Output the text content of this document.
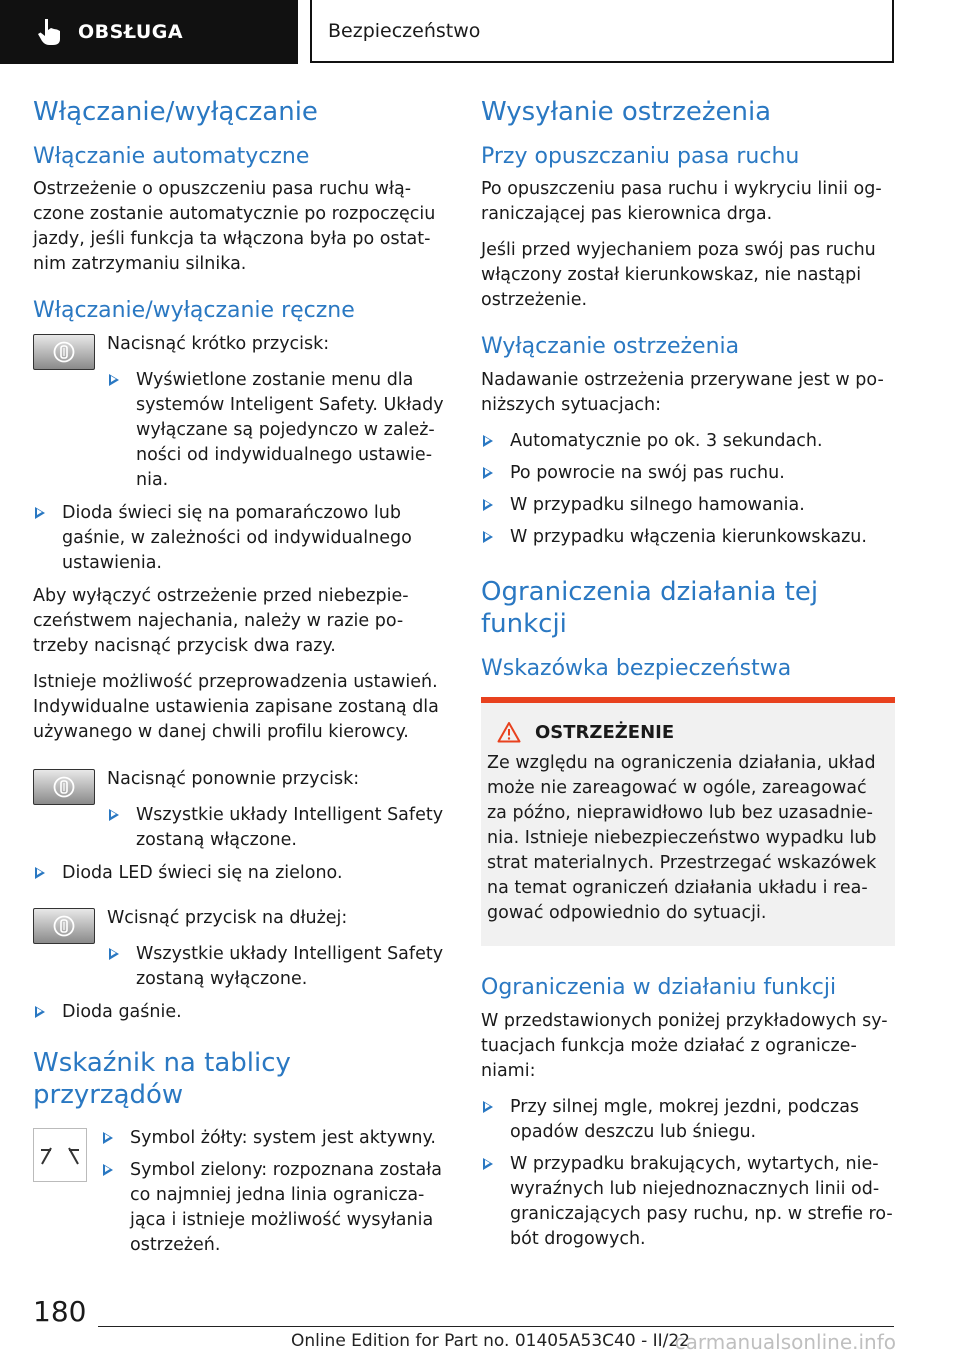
OBSŁUGA	Bezpieczeństwo
Włączanie/wyłączanie
Włączanie automatyczne

Ostrzeżenie o opuszczeniu pasa ruchu włą-czone zostanie automatycznie po rozpoczęciu jazdy, jeśli funkcja ta włączona była po ostat-nim zatrzymaniu silnika.

Włączanie/wyłączanie ręczne

Nacisnąć krótko przycisk:

Wyświetlone zostanie menu dla systemów Inteligent Safety. Układy wyłączane są pojedynczo w zależ-ności od indywidualnego ustawie-nia.
Dioda świeci się na pomarańczowo lub gaśnie, w zależności od indywidualnego ustawienia.

Aby wyłączyć ostrzeżenie przed niebezpie-czeństwem najechania, należy w razie po-trzeby nacisnąć przycisk dwa razy.

Istnieje możliwość przeprowadzenia ustawień. Indywidualne ustawienia zapisane zostaną dla używanego w danej chwili profilu kierowcy.

Nacisnąć ponownie przycisk:

Wszystkie układy Intelligent Safety zostaną włączone.
Dioda LED świeci się na zielono.

Wcisnąć przycisk na dłużej:

Wszystkie układy Intelligent Safety zostaną wyłączone.
Dioda gaśnie.
Wskaźnik na tablicy przyrządów
Symbol żółty: system jest aktywny.
Symbol zielony: rozpoznana została co najmniej jedna linia ogranicza-jąca i istnieje możliwość wysyłania ostrzeżeń.
Wysyłanie ostrzeżenia
Przy opuszczaniu pasa ruchu

Po opuszczeniu pasa ruchu i wykryciu linii og-raniczającej pas kierownica drga.

Jeśli przed wyjechaniem poza swój pas ruchu włączony został kierunkowskaz, nie nastąpi ostrzeżenie.

Wyłączanie ostrzeżenia

Nadawanie ostrzeżenia przerywane jest w po-niższych sytuacjach:

Automatycznie po ok. 3 sekundach.
Po powrocie na swój pas ruchu.
W przypadku silnego hamowania.
W przypadku włączenia kierunkowskazu.
Ograniczenia działania tej funkcji
Wskazówka bezpieczeństwa
OSTRZEŻENIE

Ze względu na ograniczenia działania, układ może nie zareagować w ogóle, zareagować za późno, nieprawidłowo lub bez uzasadnie-nia. Istnieje niebezpieczeństwo wypadku lub strat materialnych. Przestrzegać wskazówek na temat ograniczeń działania układu i rea-gować odpowiednio do sytuacji.

Ograniczenia w działaniu funkcji

W przedstawionych poniżej przykładowych sy-tuacjach funkcja może działać z ogranicze-niami:

Przy silnej mgle, mokrej jezdni, podczas opadów deszczu lub śniegu.
W przypadku brakujących, wytartych, nie-wyraźnych lub niejednoznacznych linii od-graniczających pasy ruchu, np. w strefie ro-bót drogowych.
180
Online Edition for Part no. 01405A53C40 - II/22
carmanualsonline.info
